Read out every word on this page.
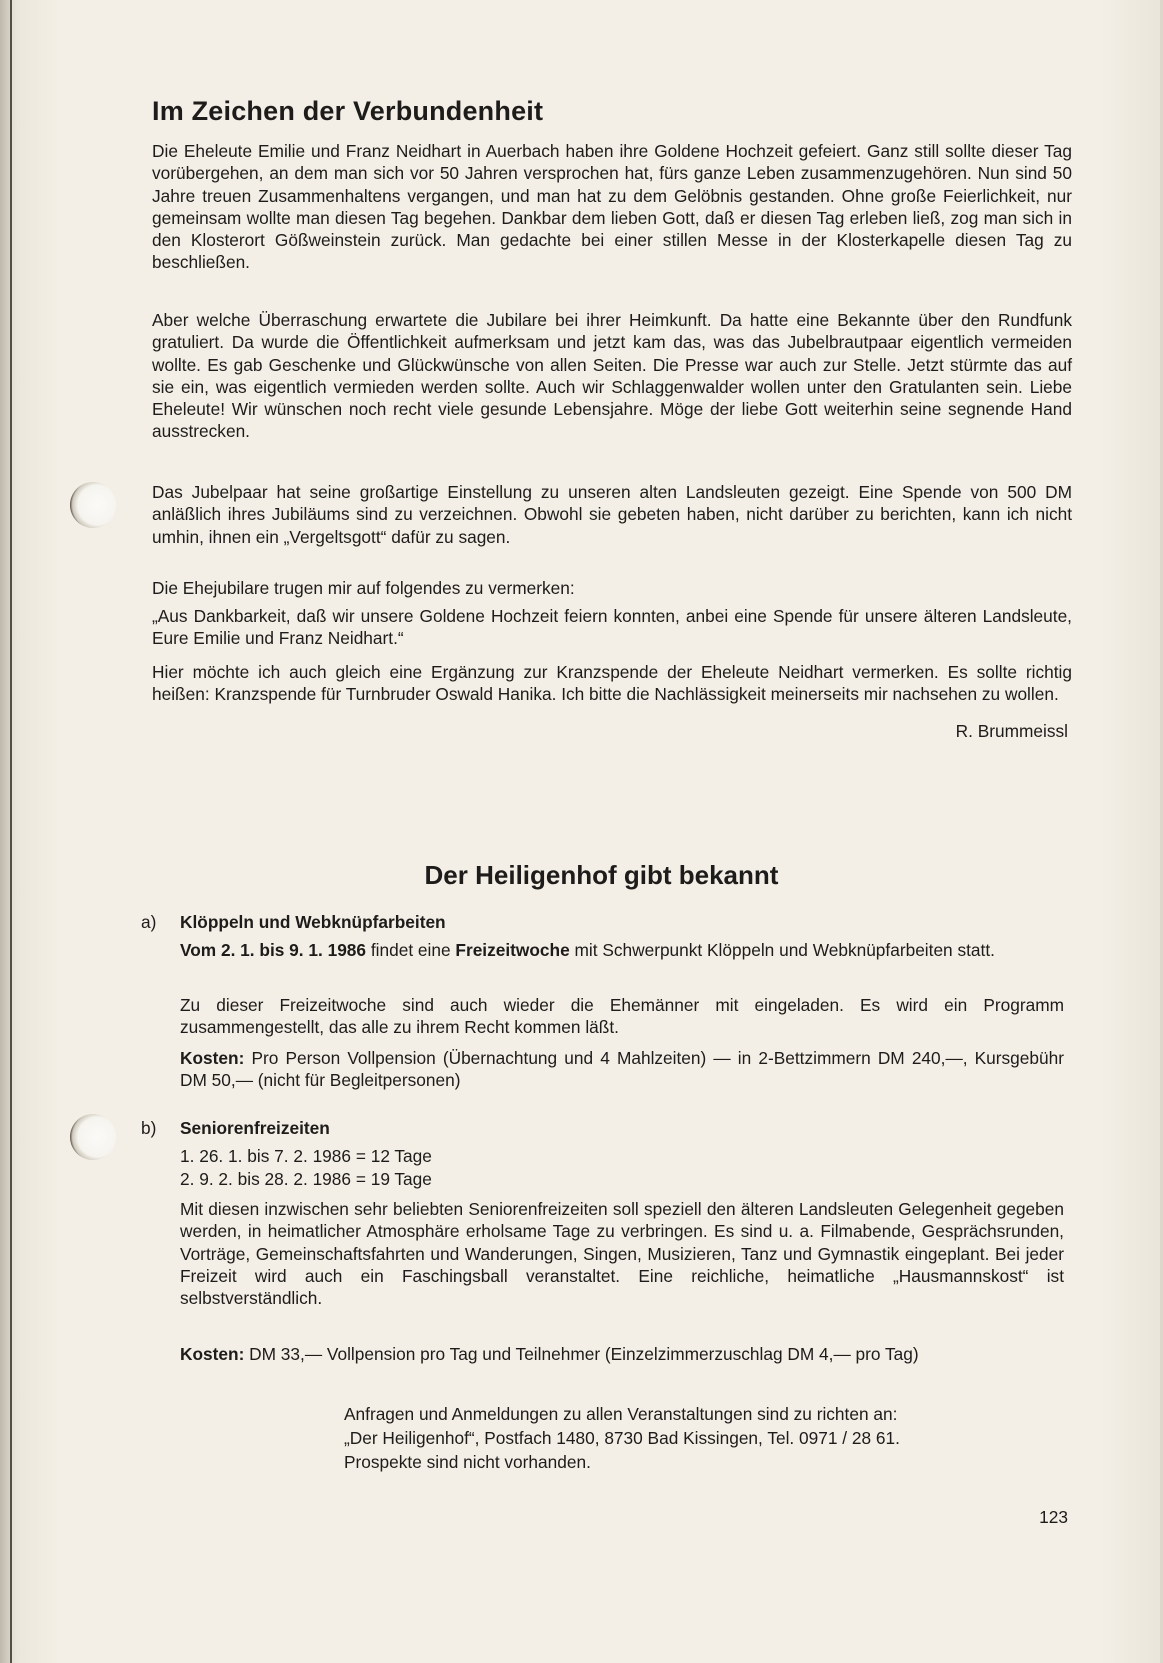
Im Zeichen der Verbundenheit

Die Eheleute Emilie und Franz Neidhart in Auerbach haben ihre Goldene Hochzeit gefeiert. Ganz still sollte dieser Tag vorübergehen, an dem man sich vor 50 Jahren versprochen hat, fürs ganze Leben zusammenzugehören. Nun sind 50 Jahre treuen Zusammenhaltens vergangen, und man hat zu dem Gelöbnis gestanden. Ohne große Feierlichkeit, nur gemeinsam wollte man diesen Tag begehen. Dankbar dem lieben Gott, daß er diesen Tag erleben ließ, zog man sich in den Klosterort Gößweinstein zurück. Man gedachte bei einer stillen Messe in der Klosterkapelle diesen Tag zu beschließen.

Aber welche Überraschung erwartete die Jubilare bei ihrer Heimkunft. Da hatte eine Bekannte über den Rundfunk gratuliert. Da wurde die Öffentlichkeit aufmerksam und jetzt kam das, was das Jubelbrautpaar eigentlich vermeiden wollte. Es gab Geschenke und Glückwünsche von allen Seiten. Die Presse war auch zur Stelle. Jetzt stürmte das auf sie ein, was eigentlich vermieden werden sollte. Auch wir Schlaggenwalder wollen unter den Gratulanten sein. Liebe Eheleute! Wir wünschen noch recht viele gesunde Lebensjahre. Möge der liebe Gott weiterhin seine segnende Hand ausstrecken.

Das Jubelpaar hat seine großartige Einstellung zu unseren alten Landsleuten gezeigt. Eine Spende von 500 DM anläßlich ihres Jubiläums sind zu verzeichnen. Obwohl sie gebeten haben, nicht darüber zu berichten, kann ich nicht umhin, ihnen ein „Vergeltsgott“ dafür zu sagen.

Die Ehejubilare trugen mir auf folgendes zu vermerken:

„Aus Dankbarkeit, daß wir unsere Goldene Hochzeit feiern konnten, anbei eine Spende für unsere älteren Landsleute, Eure Emilie und Franz Neidhart.“

Hier möchte ich auch gleich eine Ergänzung zur Kranzspende der Eheleute Neidhart vermerken. Es sollte richtig heißen: Kranzspende für Turnbruder Oswald Hanika. Ich bitte die Nachlässigkeit meinerseits mir nachsehen zu wollen.

R. Brummeissl
Der Heiligenhof gibt bekannt
a) Klöppeln und Webknüpfarbeiten

Vom 2. 1. bis 9. 1. 1986 findet eine Freizeitwoche mit Schwerpunkt Klöppeln und Webknüpfarbeiten statt.

Zu dieser Freizeitwoche sind auch wieder die Ehemänner mit eingeladen. Es wird ein Programm zusammengestellt, das alle zu ihrem Recht kommen läßt.

Kosten: Pro Person Vollpension (Übernachtung und 4 Mahlzeiten) — in 2-Bettzimmern DM 240,—, Kursgebühr DM 50,— (nicht für Begleitpersonen)

b) Seniorenfreizeiten
1. 26. 1. bis 7. 2. 1986 = 12 Tage
2. 9. 2. bis 28. 2. 1986 = 19 Tage

Mit diesen inzwischen sehr beliebten Seniorenfreizeiten soll speziell den älteren Landsleuten Gelegenheit gegeben werden, in heimatlicher Atmosphäre erholsame Tage zu verbringen. Es sind u. a. Filmabende, Gesprächsrunden, Vorträge, Gemeinschaftsfahrten und Wanderungen, Singen, Musizieren, Tanz und Gymnastik eingeplant. Bei jeder Freizeit wird auch ein Faschingsball veranstaltet. Eine reichliche, heimatliche „Hausmannskost“ ist selbstverständlich.

Kosten: DM 33,— Vollpension pro Tag und Teilnehmer (Einzelzimmerzuschlag DM 4,— pro Tag)

Anfragen und Anmeldungen zu allen Veranstaltungen sind zu richten an:
„Der Heiligenhof“, Postfach 1480, 8730 Bad Kissingen, Tel. 0971 / 28 61.
Prospekte sind nicht vorhanden.
123
